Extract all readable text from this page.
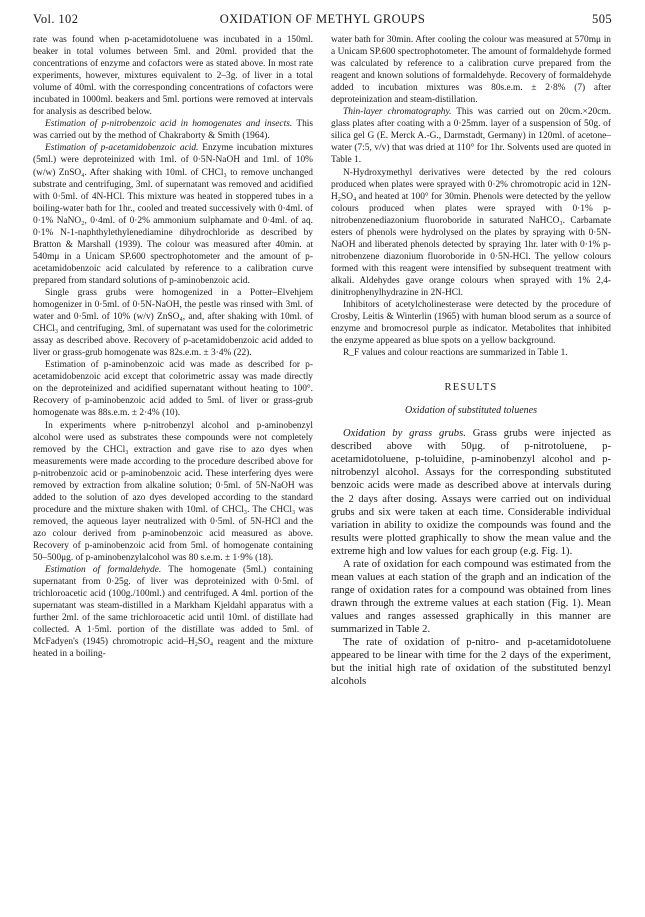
Vol. 102	OXIDATION OF METHYL GROUPS	505

rate was found when p-acetamidotoluene was incubated in a 150ml. beaker in total volumes between 5ml. and 20ml. provided that the concentrations of enzyme and cofactors were as stated above. In most rate experiments, however, mixtures equivalent to 2–3g. of liver in a total volume of 40ml. with the corresponding concentrations of cofactors were incubated in 1000ml. beakers and 5ml. portions were removed at intervals for analysis as described below.

Estimation of p-nitrobenzoic acid in homogenates and insects. This was carried out by the method of Chakraborty & Smith (1964).

Estimation of p-acetamidobenzoic acid. Enzyme incubation mixtures (5ml.) were deproteinized with 1ml. of 0·5N-NaOH and 1ml. of 10% (w/w) ZnSO₄. After shaking with 10ml. of CHCl₃ to remove unchanged substrate and centrifuging, 3ml. of supernatant was removed and acidified with 0·5ml. of 4N-HCl. This mixture was heated in stoppered tubes in a boiling-water bath for 1hr., cooled and treated successively with 0·4ml. of 0·1% NaNO₂, 0·4ml. of 0·2% ammonium sulphamate and 0·4ml. of aq. 0·1% N-1-naphthylethylenediamine dihydrochloride as described by Bratton & Marshall (1939). The colour was measured after 40min. at 540mμ in a Unicam SP.600 spectrophotometer and the amount of p-acetamidobenzoic acid calculated by reference to a calibration curve prepared from standard solutions of p-aminobenzoic acid.

Single grass grubs were homogenized in a Potter–Elvehjem homogenizer in 0·5ml. of 0·5N-NaOH, the pestle was rinsed with 3ml. of water and 0·5ml. of 10% (w/v) ZnSO₄, and, after shaking with 10ml. of CHCl₃ and centrifuging, 3ml. of supernatant was used for the colorimetric assay as described above. Recovery of p-acetamidobenzoic acid added to liver or grass-grub homogenate was 82s.e.m. ± 3·4% (22).

Estimation of p-aminobenzoic acid was made as described for p-acetamidobenzoic acid except that colorimetric assay was made directly on the deproteinized and acidified supernatant without heating to 100°. Recovery of p-aminobenzoic acid added to 5ml. of liver or grass-grub homogenate was 88s.e.m. ± 2·4% (10).

In experiments where p-nitrobenzyl alcohol and p-aminobenzyl alcohol were used as substrates these compounds were not completely removed by the CHCl₃ extraction and gave rise to azo dyes when measurements were made according to the procedure described above for p-nitrobenzoic acid or p-aminobenzoic acid. These interfering dyes were removed by extraction from alkaline solution; 0·5ml. of 5N-NaOH was added to the solution of azo dyes developed according to the standard procedure and the mixture shaken with 10ml. of CHCl₃. The CHCl₃ was removed, the aqueous layer neutralized with 0·5ml. of 5N-HCl and the azo colour derived from p-aminobenzoic acid measured as above. Recovery of p-aminobenzoic acid from 5ml. of homogenate containing 50–500μg. of p-aminobenzylalcohol was 80 s.e.m. ± 1·9% (18).

Estimation of formaldehyde. The homogenate (5ml.) containing supernatant from 0·25g. of liver was deproteinized with 0·5ml. of trichloroacetic acid (100g./100ml.) and centrifuged. A 4ml. portion of the supernatant was steam-distilled in a Markham Kjeldahl apparatus with a further 2ml. of the same trichloroacetic acid until 10ml. of distillate had collected. A 1·5ml. portion of the distillate was added to 5ml. of McFadyen's (1945) chromotropic acid–H₂SO₄ reagent and the mixture heated in a boiling-

water bath for 30min. After cooling the colour was measured at 570mμ in a Unicam SP.600 spectrophotometer. The amount of formaldehyde formed was calculated by reference to a calibration curve prepared from the reagent and known solutions of formaldehyde. Recovery of formaldehyde added to incubation mixtures was 80s.e.m. ± 2·8% (7) after deproteinization and steam-distillation.

Thin-layer chromatography. This was carried out on 20cm.×20cm. glass plates after coating with a 0·25mm. layer of a suspension of 50g. of silica gel G (E. Merck A.-G., Darmstadt, Germany) in 120ml. of acetone–water (7:5, v/v) that was dried at 110° for 1hr. Solvents used are quoted in Table 1.

N-Hydroxymethyl derivatives were detected by the red colours produced when plates were sprayed with 0·2% chromotropic acid in 12N-H₂SO₄ and heated at 100° for 30min. Phenols were detected by the yellow colours produced when plates were sprayed with 0·1% p-nitrobenzenediazonium fluoroboride in saturated NaHCO₃. Carbamate esters of phenols were hydrolysed on the plates by spraying with 0·5N-NaOH and liberated phenols detected by spraying 1hr. later with 0·1% p-nitrobenzene diazonium fluoroboride in 0·5N-HCl. The yellow colours formed with this reagent were intensified by subsequent treatment with alkali. Aldehydes gave orange colours when sprayed with 1% 2,4-dinitrophenylhydrazine in 2N-HCl.

Inhibitors of acetylcholinesterase were detected by the procedure of Crosby, Leitis & Winterlin (1965) with human blood serum as a source of enzyme and bromocresol purple as indicator. Metabolites that inhibited the enzyme appeared as blue spots on a yellow background.

R_F values and colour reactions are summarized in Table 1.

RESULTS
Oxidation of substituted toluenes

Oxidation by grass grubs. Grass grubs were injected as described above with 50μg. of p-nitrotoluene, p-acetamidotoluene, p-toluidine, p-aminobenzyl alcohol and p-nitrobenzyl alcohol. Assays for the corresponding substituted benzoic acids were made as described above at intervals during the 2 days after dosing. Assays were carried out on individual grubs and six were taken at each time. Considerable individual variation in ability to oxidize the compounds was found and the results were plotted graphically to show the mean value and the extreme high and low values for each group (e.g. Fig. 1).

A rate of oxidation for each compound was estimated from the mean values at each station of the graph and an indication of the range of oxidation rates for a compound was obtained from lines drawn through the extreme values at each station (Fig. 1). Mean values and ranges assessed graphically in this manner are summarized in Table 2.

The rate of oxidation of p-nitro- and p-acetamidotoluene appeared to be linear with time for the 2 days of the experiment, but the initial high rate of oxidation of the substituted benzyl alcohols
